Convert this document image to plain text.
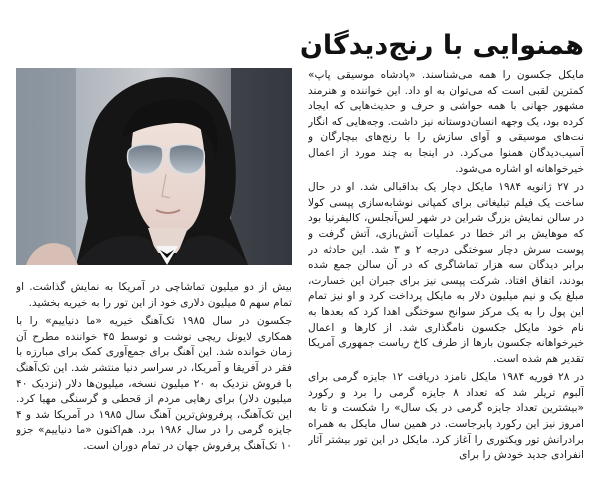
همنوایی با رنج‌دیدگان

مایکل جکسون را همه می‌شناسند. «پادشاه موسیقی پاپ» کمترین لقبی است که می‌توان به او داد. این خواننده و هنرمند مشهور جهانی با همه حواشی و حرف و حدیث‌هایی که ایجاد کرده بود، یک وجهه انسان‌دوستانه نیز داشت. وجه‌هایی که انگار نت‌های موسیقی و آوای سازش را با رنج‌های بیچارگان و آسیب‌دیدگان همنوا می‌کرد. در اینجا به چند مورد از اعمال خیرخواهانه او اشاره می‌شود.

در ۲۷ ژانویه ۱۹۸۴ مایکل دچار یک بداقبالی شد. او در حال ساخت یک فیلم تبلیغاتی برای کمپانی نوشابه‌سازی پپسی کولا در سالن نمایش بزرگ شراین در شهر لس‌آنجلس، کالیفرنیا بود که موهایش بر اثر خطا در عملیات آتش‌بازی، آتش گرفت و پوست سرش دچار سوختگی درجه ۲ و ۳ شد. این حادثه در برابر دیدگان سه هزار تماشاگری که در آن سالن جمع شده بودند، اتفاق افتاد. شرکت پپسی نیز برای جبران این خسارت، مبلغ یک و نیم میلیون دلار به مایکل پرداخت کرد و او نیز تمام این پول را به یک مرکز سوانح سوختگی اهدا کرد که بعدها به نام خود مایکل جکسون نامگذاری شد. از کارها و اعمال خیرخواهانه جکسون بارها از طرف کاخ ریاست جمهوری آمریکا تقدیر هم شده است.

در ۲۸ فوریه ۱۹۸۴ مایکل نامزد دریافت ۱۲ جایزه گرمی برای آلبوم تریلر شد که تعداد ۸ جایزه گرمی را برد و رکورد «بیشترین تعداد جایزه گرمی در یک سال» را شکست و تا به امروز نیز این رکورد پابرجاست. در همین سال مایکل به همراه برادرانش تور ویکتوری را آغاز کرد. مایکل در این تور بیشتر آثار انفرادی جدید خودش را برای

بیش از دو میلیون تماشاچی در آمریکا به نمایش گذاشت. او تمام سهم ۵ میلیون دلاری خود از این تور را به خیریه بخشید.

جکسون در سال ۱۹۸۵ تک‌آهنگ خیریه «ما دنیاییم» را با همکاری لایونل ریچی نوشت و توسط ۴۵ خواننده مطرح آن زمان خوانده شد. این آهنگ برای جمع‌آوری کمک برای مبارزه با فقر در آفریقا و آمریکا، در سراسر دنیا منتشر شد. این تک‌آهنگ با فروش نزدیک به ۲۰ میلیون نسخه، میلیون‌ها دلار (نزدیک ۴۰ میلیون دلار) برای رهایی مردم از قحطی و گرسنگی مهیا کرد. این تک‌آهنگ، پرفروش‌ترین آهنگ سال ۱۹۸۵ در آمریکا شد و ۴ جایزه گرمی را در سال ۱۹۸۶ برد. هم‌اکنون «ما دنیاییم» جزو ۱۰ تک‌آهنگ پرفروش جهان در تمام دوران است.
